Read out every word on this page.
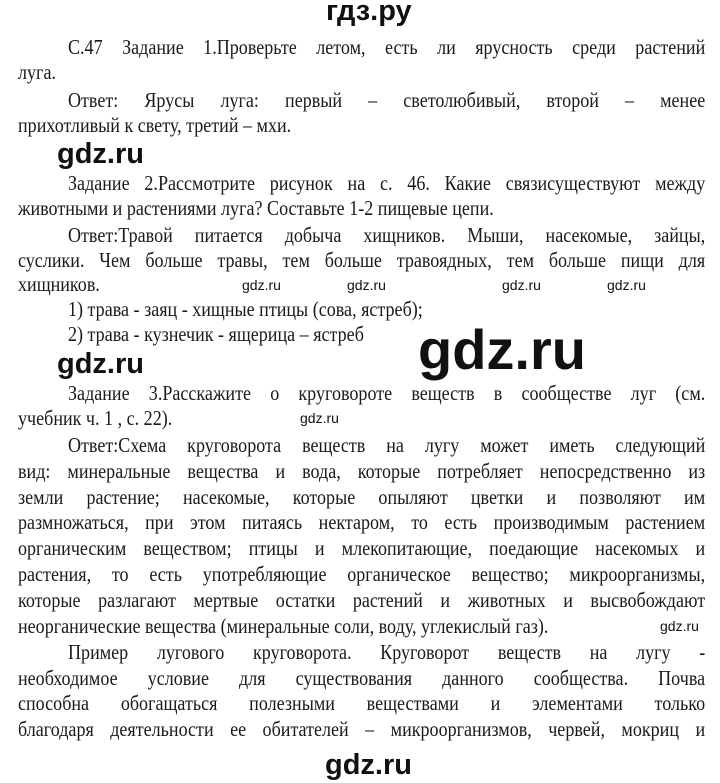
гдз.ру
С.47 Задание 1.Проверьте летом, есть ли ярусность среди растений
луга.
Ответ: Ярусы луга: первый – светолюбивый, второй – менее
прихотливый к свету, третий – мхи.
gdz.ru
Задание 2.Рассмотрите рисунок на с. 46. Какие связисуществуют между
животными и растениями луга? Составьте 1-2 пищевые цепи.
Ответ:Травой питается добыча хищников. Мыши, насекомые, зайцы,
суслики. Чем больше травы, тем больше травоядных, тем больше пищи для
хищников.	gdz.ru	gdz.ru	gdz.ru	gdz.ru
1) трава - заяц - хищные птицы (сова, ястреб);
2) трава - кузнечик - ящерица – ястреб gdz.ru
gdz.ru
Задание 3.Расскажите о круговороте веществ в сообществе луг (см.
учебник ч. 1 , с. 22).	gdz.ru
Ответ:Схема круговорота веществ на лугу может иметь следующий
вид: минеральные вещества и вода, которые потребляет непосредственно из
земли растение; насекомые, которые опыляют цветки и позволяют им
размножаться, при этом питаясь нектаром, то есть производимым растением
органическим веществом; птицы и млекопитающие, поедающие насекомых и
растения, то есть употребляющие органическое вещество; микроорганизмы,
которые разлагают мертвые остатки растений и животных и высвобождают
неорганические вещества (минеральные соли, воду, углекислый газ).	gdz.ru
Пример лугового круговорота. Круговорот веществ на лугу -
необходимое условие для существования данного сообщества. Почва
способна обогащаться полезными веществами и элементами только
благодаря деятельности ее обитателей – микроорганизмов, червей, мокриц и
gdz.ru
